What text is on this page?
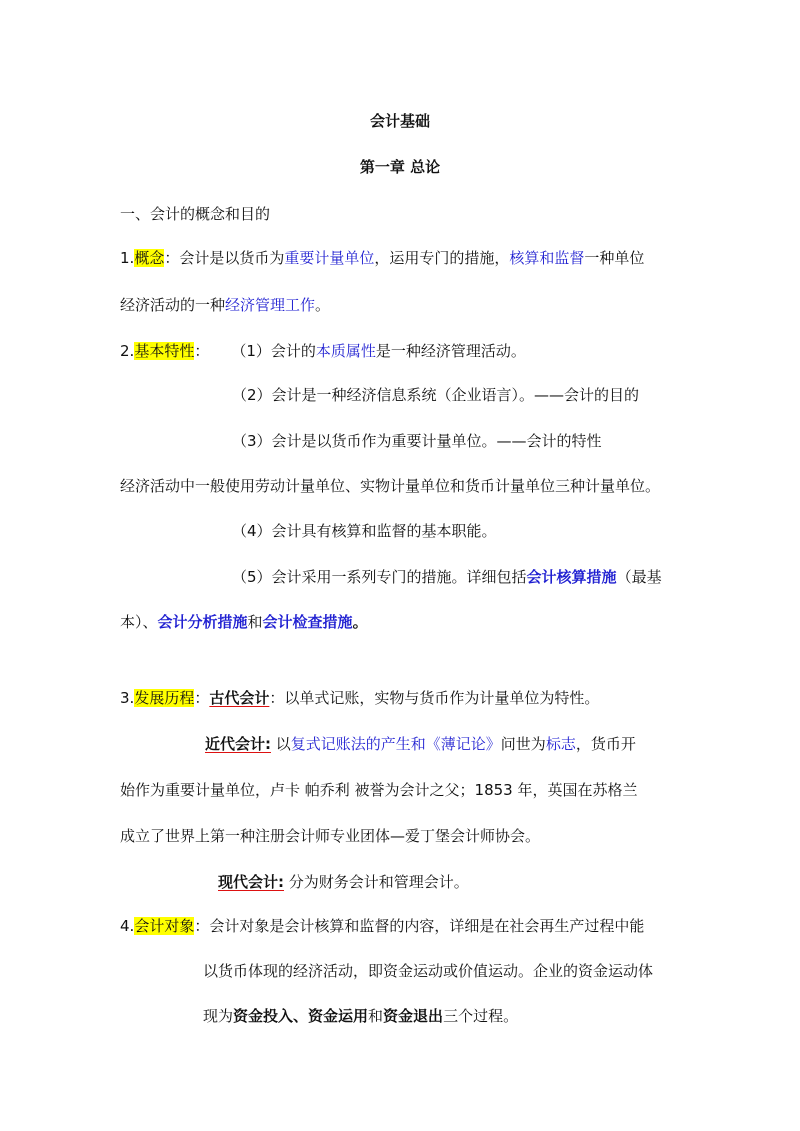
会计基础
第一章 总论
一、会计的概念和目的
1.概念：会计是以货币为重要计量单位，运用专门的措施，核算和监督一种单位
经济活动的一种经济管理工作。
2.基本特性： （1）会计的本质属性是一种经济管理活动。
（2）会计是一种经济信息系统（企业语言）。——会计的目的
（3）会计是以货币作为重要计量单位。——会计的特性
经济活动中一般使用劳动计量单位、实物计量单位和货币计量单位三种计量单位。
（4）会计具有核算和监督的基本职能。
（5）会计采用一系列专门的措施。详细包括会计核算措施（最基
本）、会计分析措施和会计检查措施。
3.发展历程：古代会计：以单式记账，实物与货币作为计量单位为特性。
近代会计: 以复式记账法的产生和《薄记论》问世为标志，货币开
始作为重要计量单位，卢卡 帕乔利 被誉为会计之父；1853 年，英国在苏格兰
成立了世界上第一种注册会计师专业团体—爱丁堡会计师协会。
现代会计: 分为财务会计和管理会计。
4.会计对象：会计对象是会计核算和监督的内容，详细是在社会再生产过程中能
以货币体现的经济活动，即资金运动或价值运动。企业的资金运动体
现为资金投入、资金运用和资金退出三个过程。
